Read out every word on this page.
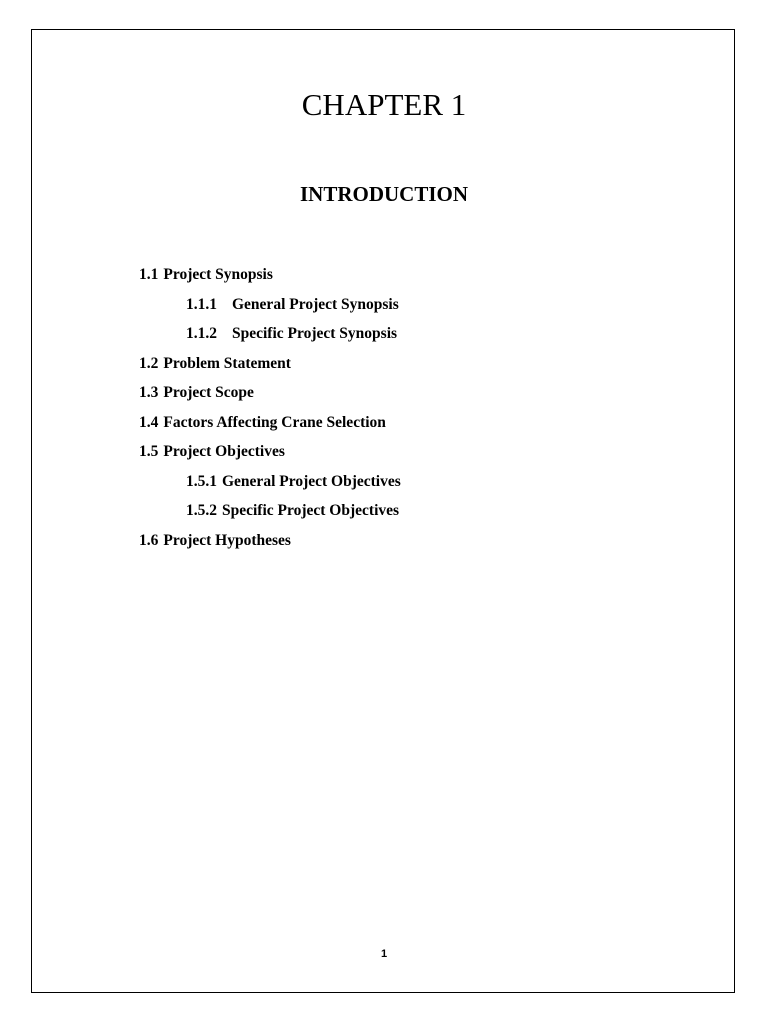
CHAPTER 1
INTRODUCTION
1.1 Project Synopsis
1.1.1 General Project Synopsis
1.1.2 Specific Project Synopsis
1.2 Problem Statement
1.3 Project Scope
1.4 Factors Affecting Crane Selection
1.5 Project Objectives
1.5.1 General Project Objectives
1.5.2 Specific Project Objectives
1.6 Project Hypotheses
1
